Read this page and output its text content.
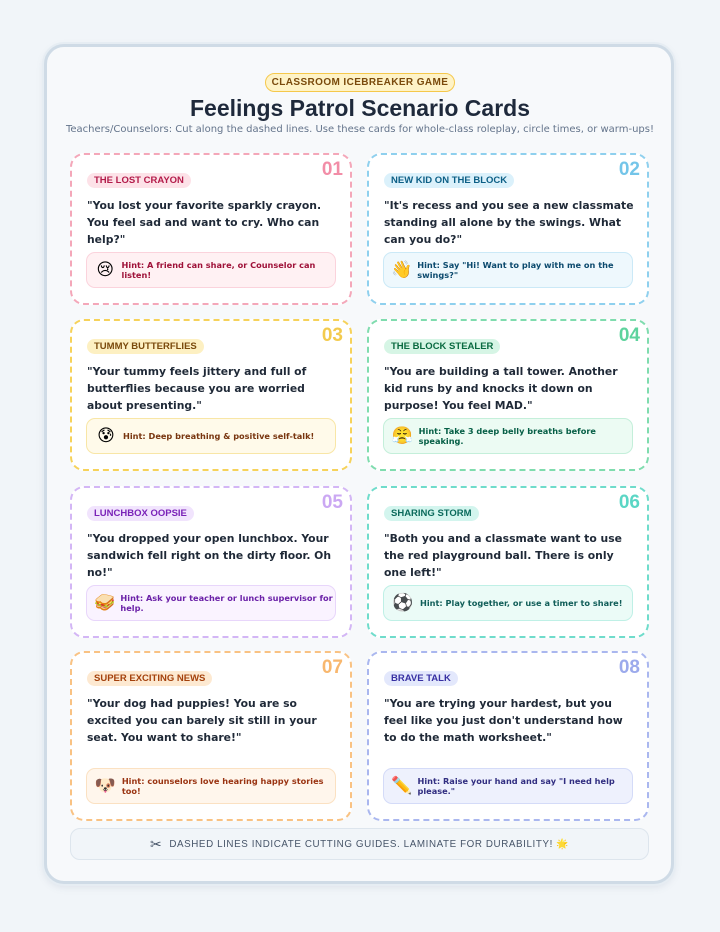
CLASSROOM ICEBREAKER GAME
Feelings Patrol Scenario Cards

Teachers/Counselors: Cut along the dashed lines. Use these cards for whole-class roleplay, circle times, or warm-ups!

01
THE LOST CRAYON

"You lost your favorite sparkly crayon. You feel sad and want to cry. Who can help?"

😢 Hint: A friend can share, or Counselor can listen!
02
NEW KID ON THE BLOCK

"It's recess and you see a new classmate standing all alone by the swings. What can you do?"

👋 Hint: Say "Hi! Want to play with me on the swings?"
03
TUMMY BUTTERFLIES

"Your tummy feels jittery and full of butterflies because you are worried about presenting."

😰 Hint: Deep breathing & positive self-talk!
04
THE BLOCK STEALER

"You are building a tall tower. Another kid runs by and knocks it down on purpose! You feel MAD."

😤 Hint: Take 3 deep belly breaths before speaking.
05
LUNCHBOX OOPSIE

"You dropped your open lunchbox. Your sandwich fell right on the dirty floor. Oh no!"

🥪 Hint: Ask your teacher or lunch supervisor for help.
06
SHARING STORM

"Both you and a classmate want to use the red playground ball. There is only one left!"

⚽ Hint: Play together, or use a timer to share!
07
SUPER EXCITING NEWS

"Your dog had puppies! You are so excited you can barely sit still in your seat. You want to share!"

🐶 Hint: counselors love hearing happy stories too!
08
BRAVE TALK

"You are trying your hardest, but you feel like you just don't understand how to do the math worksheet."

✏️ Hint: Raise your hand and say "I need help please."
✂ DASHED LINES INDICATE CUTTING GUIDES. LAMINATE FOR DURABILITY! 🌟
